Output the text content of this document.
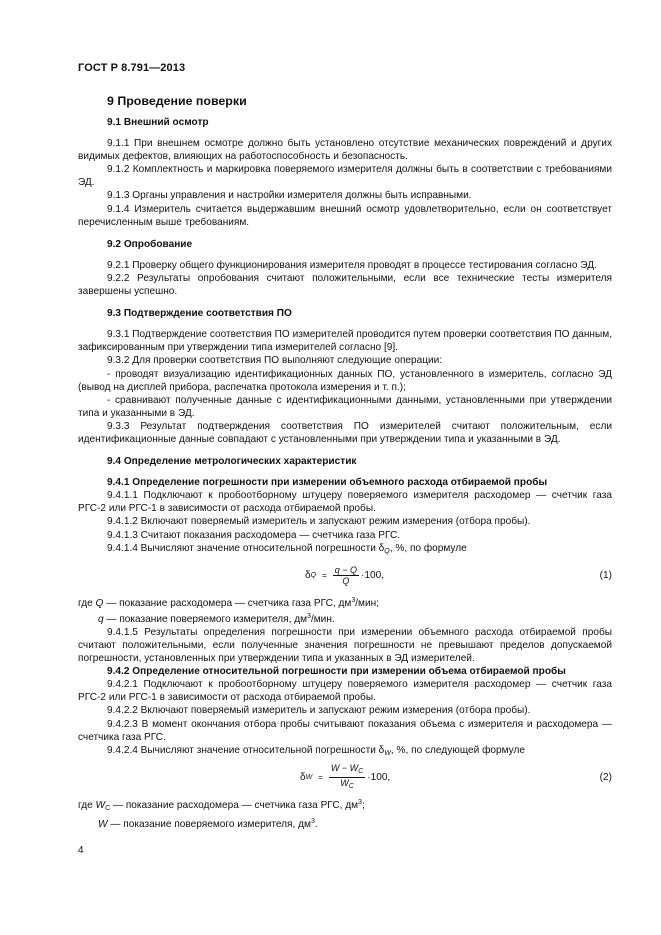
ГОСТ Р 8.791—2013
9 Проведение поверки
9.1 Внешний осмотр

9.1.1 При внешнем осмотре должно быть установлено отсутствие механических повреждений и других видимых дефектов, влияющих на работоспособность и безопасность.

9.1.2 Комплектность и маркировка поверяемого измерителя должны быть в соответствии с требованиями ЭД.

9.1.3 Органы управления и настройки измерителя должны быть исправными.

9.1.4 Измеритель считается выдержавшим внешний осмотр удовлетворительно, если он соответствует перечисленным выше требованиям.

9.2 Опробование

9.2.1 Проверку общего функционирования измерителя проводят в процессе тестирования согласно ЭД.

9.2.2 Результаты опробования считают положительными, если все технические тесты измерителя завершены успешно.

9.3 Подтверждение соответствия ПО

9.3.1 Подтверждение соответствия ПО измерителей проводится путем проверки соответствия ПО данным, зафиксированным при утверждении типа измерителей согласно [9].

9.3.2 Для проверки соответствия ПО выполняют следующие операции:

- проводят визуализацию идентификационных данных ПО, установленного в измеритель, согласно ЭД (вывод на дисплей прибора, распечатка протокола измерения и т. п.);

- сравнивают полученные данные с идентификационными данными, установленными при утверждении типа и указанными в ЭД.

9.3.3 Результат подтверждения соответствия ПО измерителей считают положительным, если идентификационные данные совпадают с установленными при утверждении типа и указанными в ЭД.

9.4 Определение метрологических характеристик
9.4.1 Определение погрешности при измерении объемного расхода отбираемой пробы

9.4.1.1 Подключают к пробоотборному штуцеру поверяемого измерителя расходомер — счетчик газа РГС-2 или РГС-1 в зависимости от расхода отбираемой пробы.

9.4.1.2 Включают поверяемый измеритель и запускают режим измерения (отбора пробы).

9.4.1.3 Считают показания расходомера — счетчика газа РГС.

9.4.1.4 Вычисляют значение относительной погрешности $\delta_Q$, %, по формуле

δ $Q = \frac{q - Q}{Q} \cdot 100$,	(1)

где Q — показание расходомера — счетчика газа РГС, $дм^3$/мин;

q — показание поверяемого измерителя, $дм^3$/мин.

9.4.1.5 Результаты определения погрешности при измерении объемного расхода отбираемой пробы считают положительными, если полученные значения погрешности не превышают пределов допускаемой погрешности, установленных при утверждении типа и указанных в ЭД измерителей.

9.4.2 Определение относительной погрешности при измерении объема отбираемой пробы

9.4.2.1 Подключают к пробоотборному штуцеру поверяемого измерителя расходомер — счетчик газа РГС-2 или РГС-1 в зависимости от расхода отбираемой пробы.

9.4.2.2 Включают поверяемый измеритель и запускают режим измерения (отбора пробы).

9.4.2.3 В момент окончания отбора пробы считывают показания объема с измерителя и расходомера — счетчика газа РГС.

9.4.2.4 Вычисляют значение относительной погрешности $\delta_W$, %, по следующей формуле

δ $W = \frac{W - W_C}{W_C} \cdot 100$,	(2)

где $W_C$ — показание расходомера — счетчика газа РГС, $дм^3$;

W — показание поверяемого измерителя, $дм^3$.

4
